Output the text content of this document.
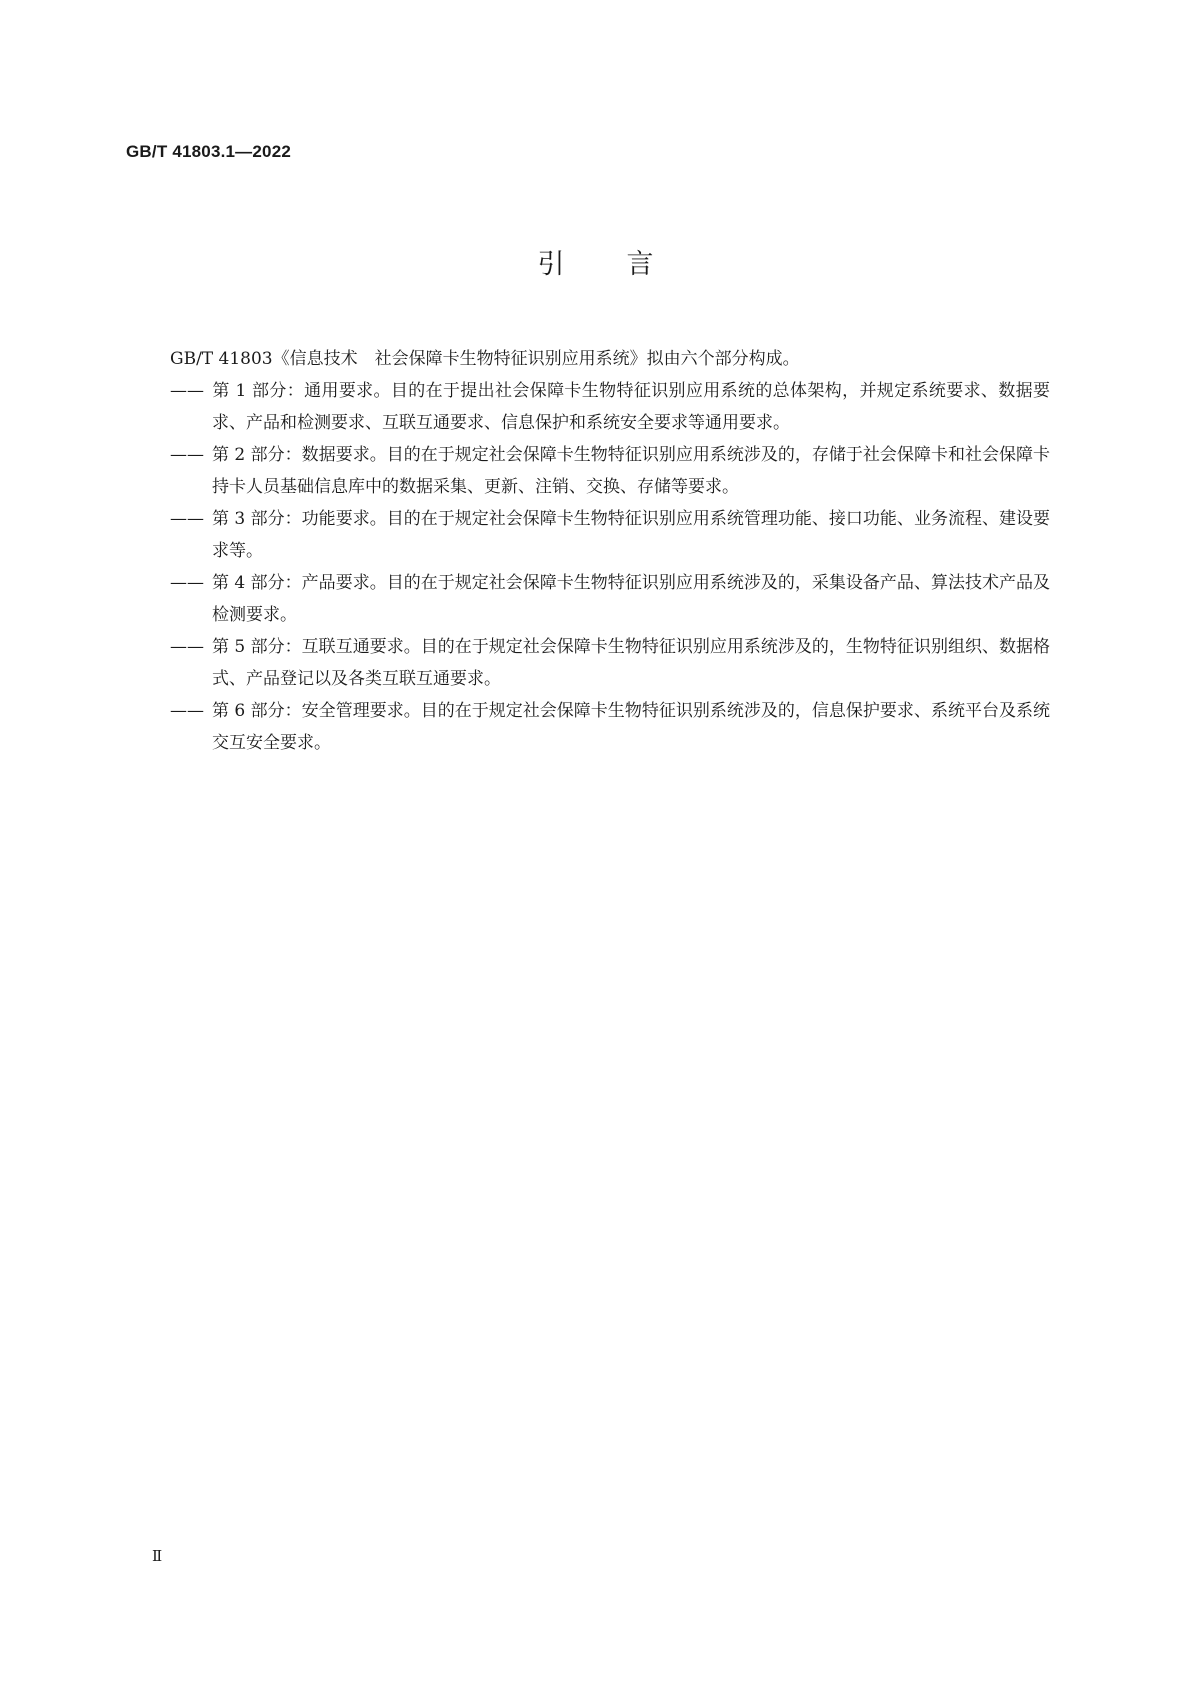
GB/T 41803.1—2022
引言

GB/T 41803《信息技术　社会保障卡生物特征识别应用系统》拟由六个部分构成。

—— 第 1 部分：通用要求。目的在于提出社会保障卡生物特征识别应用系统的总体架构，并规定系统要求、数据要求、产品和检测要求、互联互通要求、信息保护和系统安全要求等通用要求。

—— 第 2 部分：数据要求。目的在于规定社会保障卡生物特征识别应用系统涉及的，存储于社会保障卡和社会保障卡持卡人员基础信息库中的数据采集、更新、注销、交换、存储等要求。

—— 第 3 部分：功能要求。目的在于规定社会保障卡生物特征识别应用系统管理功能、接口功能、业务流程、建设要求等。

—— 第 4 部分：产品要求。目的在于规定社会保障卡生物特征识别应用系统涉及的，采集设备产品、算法技术产品及检测要求。

—— 第 5 部分：互联互通要求。目的在于规定社会保障卡生物特征识别应用系统涉及的，生物特征识别组织、数据格式、产品登记以及各类互联互通要求。

—— 第 6 部分：安全管理要求。目的在于规定社会保障卡生物特征识别系统涉及的，信息保护要求、系统平台及系统交互安全要求。

Ⅱ
